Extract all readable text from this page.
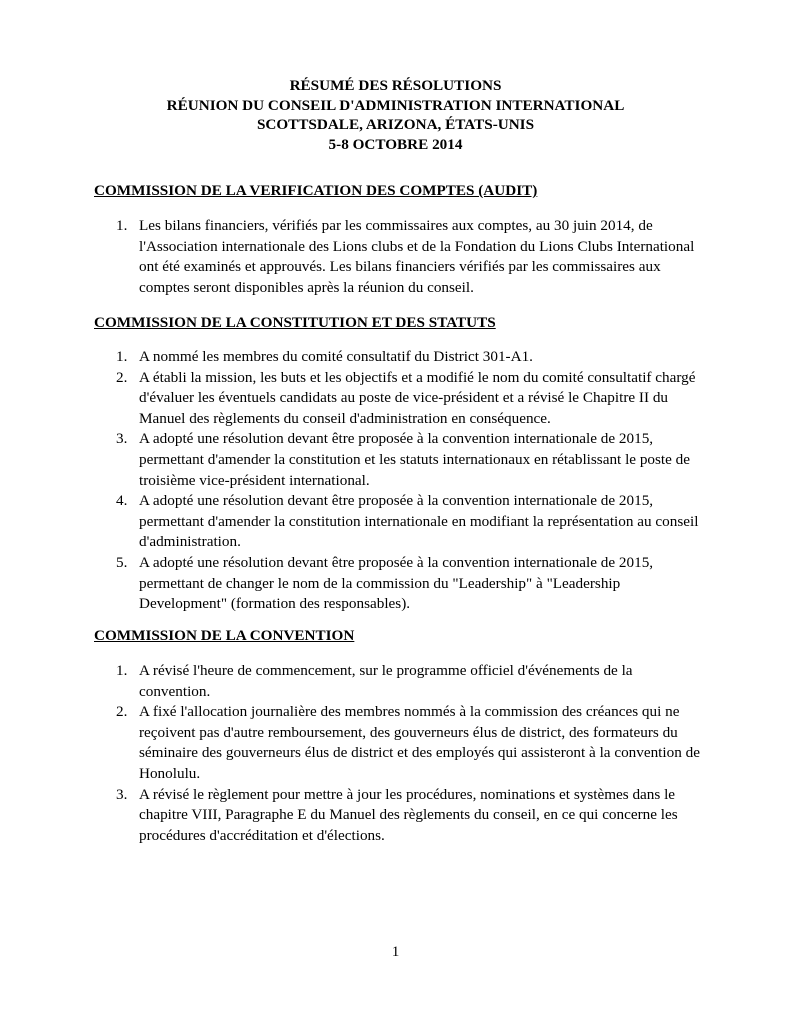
RÉSUMÉ DES RÉSOLUTIONS
RÉUNION DU CONSEIL D'ADMINISTRATION INTERNATIONAL
SCOTTSDALE, ARIZONA, ÉTATS-UNIS
5-8 OCTOBRE 2014
COMMISSION DE LA VERIFICATION DES COMPTES (AUDIT)
1. Les bilans financiers, vérifiés par les commissaires aux comptes, au 30 juin 2014, de l'Association internationale des Lions clubs et de la Fondation du Lions Clubs International ont été examinés et approuvés. Les bilans financiers vérifiés par les commissaires aux comptes seront disponibles après la réunion du conseil.
COMMISSION DE LA CONSTITUTION ET DES STATUTS
1. A nommé les membres du comité consultatif du District 301-A1.
2. A établi la mission, les buts et les objectifs et a modifié le nom du comité consultatif chargé d'évaluer les éventuels candidats au poste de vice-président et a révisé le Chapitre II du Manuel des règlements du conseil d'administration en conséquence.
3. A adopté une résolution devant être proposée à la convention internationale de 2015, permettant d'amender la constitution et les statuts internationaux en rétablissant le poste de troisième vice-président international.
4. A adopté une résolution devant être proposée à la convention internationale de 2015, permettant d'amender la constitution internationale en modifiant la représentation au conseil d'administration.
5. A adopté une résolution devant être proposée à la convention internationale de 2015, permettant de changer le nom de la commission du "Leadership" à "Leadership Development" (formation des responsables).
COMMISSION DE LA CONVENTION
1. A révisé l'heure de commencement, sur le programme officiel d'événements de la convention.
2. A fixé l'allocation journalière des membres nommés à la commission des créances qui ne reçoivent pas d'autre remboursement, des gouverneurs élus de district, des formateurs du séminaire des gouverneurs élus de district et des employés qui assisteront à la convention de Honolulu.
3. A révisé le règlement pour mettre à jour les procédures, nominations et systèmes dans le chapitre VIII, Paragraphe E du Manuel des règlements du conseil, en ce qui concerne les procédures d'accréditation et d'élections.
1
